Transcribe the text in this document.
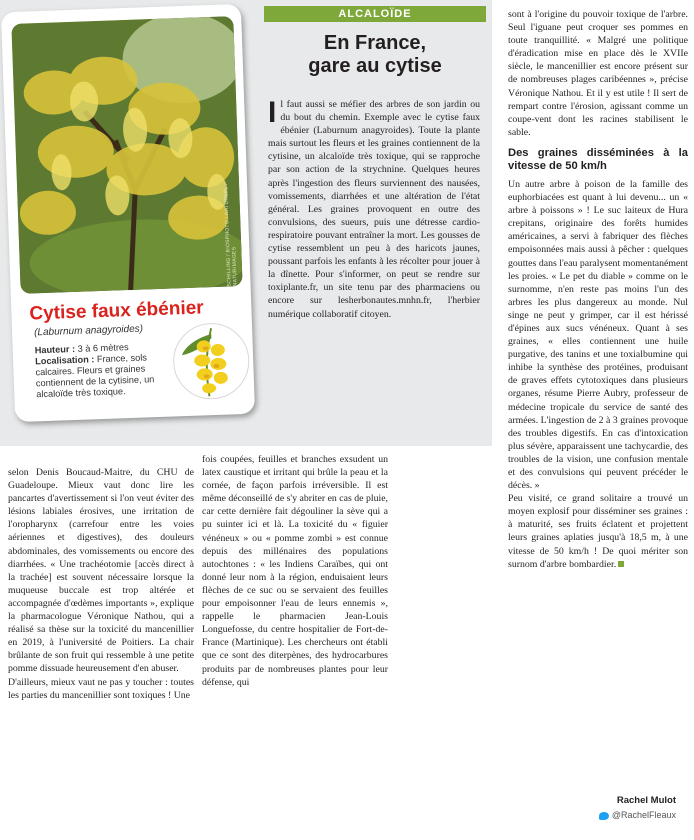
SCHILLING / BIOSPHOTO / NATUREPL / NATURIMAGES
Cytise faux ébénier
(Laburnum anagyroides)
Hauteur : 3 à 6 mètres
Localisation : France, sols calcaires. Fleurs et graines contiennent de la cytisine, un alcaloïde très toxique.
ALCALOÏDE
En France,
gare au cytise
Il faut aussi se méfier des arbres de son jardin ou du bout du chemin. Exemple avec le cytise faux ébénier (Laburnum anagyroides). Toute la plante mais surtout les fleurs et les graines contiennent de la cytisine, un alcaloïde très toxique, qui se rapproche par son action de la strychnine. Quelques heures après l'ingestion des fleurs surviennent des nausées, vomissements, diarrhées et une altération de l'état général. Les graines provoquent en outre des convulsions, des sueurs, puis une détresse cardio-respiratoire pouvant entraîner la mort. Les gousses de cytise ressemblent un peu à des haricots jaunes, poussant parfois les enfants à les récolter pour jouer à la dînette. Pour s'informer, on peut se rendre sur toxiplante.fr, un site tenu par des pharmaciens ou encore sur lesherbonautes.mnhn.fr, l'herbier numérique collaboratif citoyen.

selon Denis Boucaud-Maitre, du CHU de Guadeloupe. Mieux vaut donc lire les pancartes d'avertissement si l'on veut éviter des lésions labiales érosives, une irritation de l'oropharynx (carrefour entre les voies aériennes et digestives), des douleurs abdominales, des vomissements ou encore des diarrhées. « Une trachéotomie [accès direct à la trachée] est souvent nécessaire lorsque la muqueuse buccale est trop altérée et accompagnée d'œdèmes importants », explique la pharmacologue Véronique Nathou, qui a réalisé sa thèse sur la toxicité du mancenillier en 2019, à l'université de Poitiers. La chair brûlante de son fruit qui ressemble à une petite pomme dissuade heureusement d'en abuser.

D'ailleurs, mieux vaut ne pas y toucher : toutes les parties du mancenillier sont toxiques ! Une

fois coupées, feuilles et branches exsudent un latex caustique et irritant qui brûle la peau et la cornée, de façon parfois irréversible. Il est même déconseillé de s'y abriter en cas de pluie, car cette dernière fait dégouliner la sève qui a pu suinter ici et là. La toxicité du « figuier vénéneux » ou « pomme zombi » est connue depuis des millénaires des populations autochtones : « les Indiens Caraïbes, qui ont donné leur nom à la région, enduisaient leurs flèches de ce suc ou se servaient des feuilles pour empoisonner l'eau de leurs ennemis », rappelle le pharmacien Jean-Louis Longuefosse, du centre hospitalier de Fort-de-France (Martinique). Les chercheurs ont établi que ce sont des diterpènes, des hydrocarbures produits par de nombreuses plantes pour leur défense, qui

sont à l'origine du pouvoir toxique de l'arbre. Seul l'iguane peut croquer ses pommes en toute tranquillité. « Malgré une politique d'éradication mise en place dès le XVIIe siècle, le mancenillier est encore présent sur de nombreuses plages caribéennes », précise Véronique Nathou. Et il y est utile ! Il sert de rempart contre l'érosion, agissant comme un coupe-vent dont les racines stabilisent le sable.

Des graines disséminées à la vitesse de 50 km/h

Un autre arbre à poison de la famille des euphorbiacées est quant à lui devenu... un « arbre à poissons » ! Le suc laiteux de Hura crepitans, originaire des forêts humides américaines, a servi à fabriquer des flèches empoisonnées mais aussi à pêcher : quelques gouttes dans l'eau paralysent momentanément les proies. « Le pet du diable » comme on le surnomme, n'en reste pas moins l'un des arbres les plus dangereux au monde. Nul singe ne peut y grimper, car il est hérissé d'épines aux sucs vénéneux. Quant à ses graines, « elles contiennent une huile purgative, des tanins et une toxialbumine qui inhibe la synthèse des protéines, produisant de graves effets cytotoxiques dans plusieurs organes, résume Pierre Aubry, professeur de médecine tropicale du service de santé des armées. L'ingestion de 2 à 3 graines provoque des troubles digestifs. En cas d'intoxication plus sévère, apparaissent une tachycardie, des troubles de la vision, une confusion mentale et des convulsions qui peuvent précéder le décès. »

Peu visité, ce grand solitaire a trouvé un moyen explosif pour disséminer ses graines : à maturité, ses fruits éclatent et projettent leurs graines aplaties jusqu'à 18,5 m, à une vitesse de 50 km/h ! De quoi mériter son surnom d'arbre bombardier.

Rachel Mulot
@RachelFleaux
